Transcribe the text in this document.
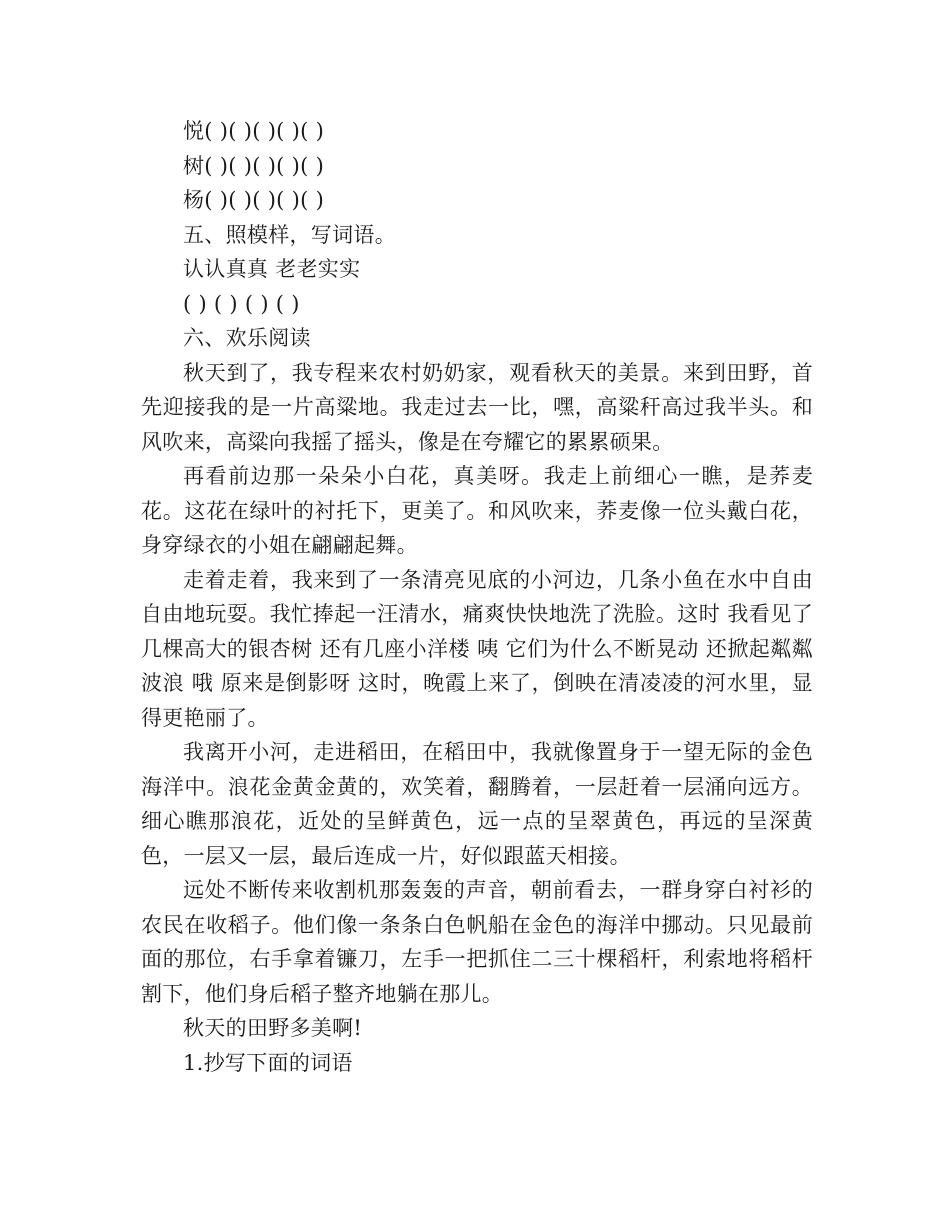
悦( )( )( )( )( )

树( )( )( )( )( )

杨( )( )( )( )( )

五、照模样，写词语。

认认真真 老老实实

( ) ( ) ( ) ( )

六、欢乐阅读

秋天到了，我专程来农村奶奶家，观看秋天的美景。来到田野，首先迎接我的是一片高粱地。我走过去一比，嘿，高粱秆高过我半头。和风吹来，高粱向我摇了摇头，像是在夸耀它的累累硕果。

再看前边那一朵朵小白花，真美呀。我走上前细心一瞧，是荞麦花。这花在绿叶的衬托下，更美了。和风吹来，荞麦像一位头戴白花，身穿绿衣的小姐在翩翩起舞。

走着走着，我来到了一条清亮见底的小河边，几条小鱼在水中自由自由地玩耍。我忙捧起一汪清水，痛爽快快地洗了洗脸。这时 我看见了几棵高大的银杏树 还有几座小洋楼 咦 它们为什么不断晃动 还掀起粼粼波浪 哦 原来是倒影呀 这时，晚霞上来了，倒映在清凌凌的河水里，显得更艳丽了。

我离开小河，走进稻田，在稻田中，我就像置身于一望无际的金色海洋中。浪花金黄金黄的，欢笑着，翻腾着，一层赶着一层涌向远方。细心瞧那浪花，近处的呈鲜黄色，远一点的呈翠黄色，再远的呈深黄色，一层又一层，最后连成一片，好似跟蓝天相接。

远处不断传来收割机那轰轰的声音，朝前看去，一群身穿白衬衫的农民在收稻子。他们像一条条白色帆船在金色的海洋中挪动。只见最前面的那位，右手拿着镰刀，左手一把抓住二三十棵稻杆，利索地将稻杆割下，他们身后稻子整齐地躺在那儿。

秋天的田野多美啊!

1.抄写下面的词语
